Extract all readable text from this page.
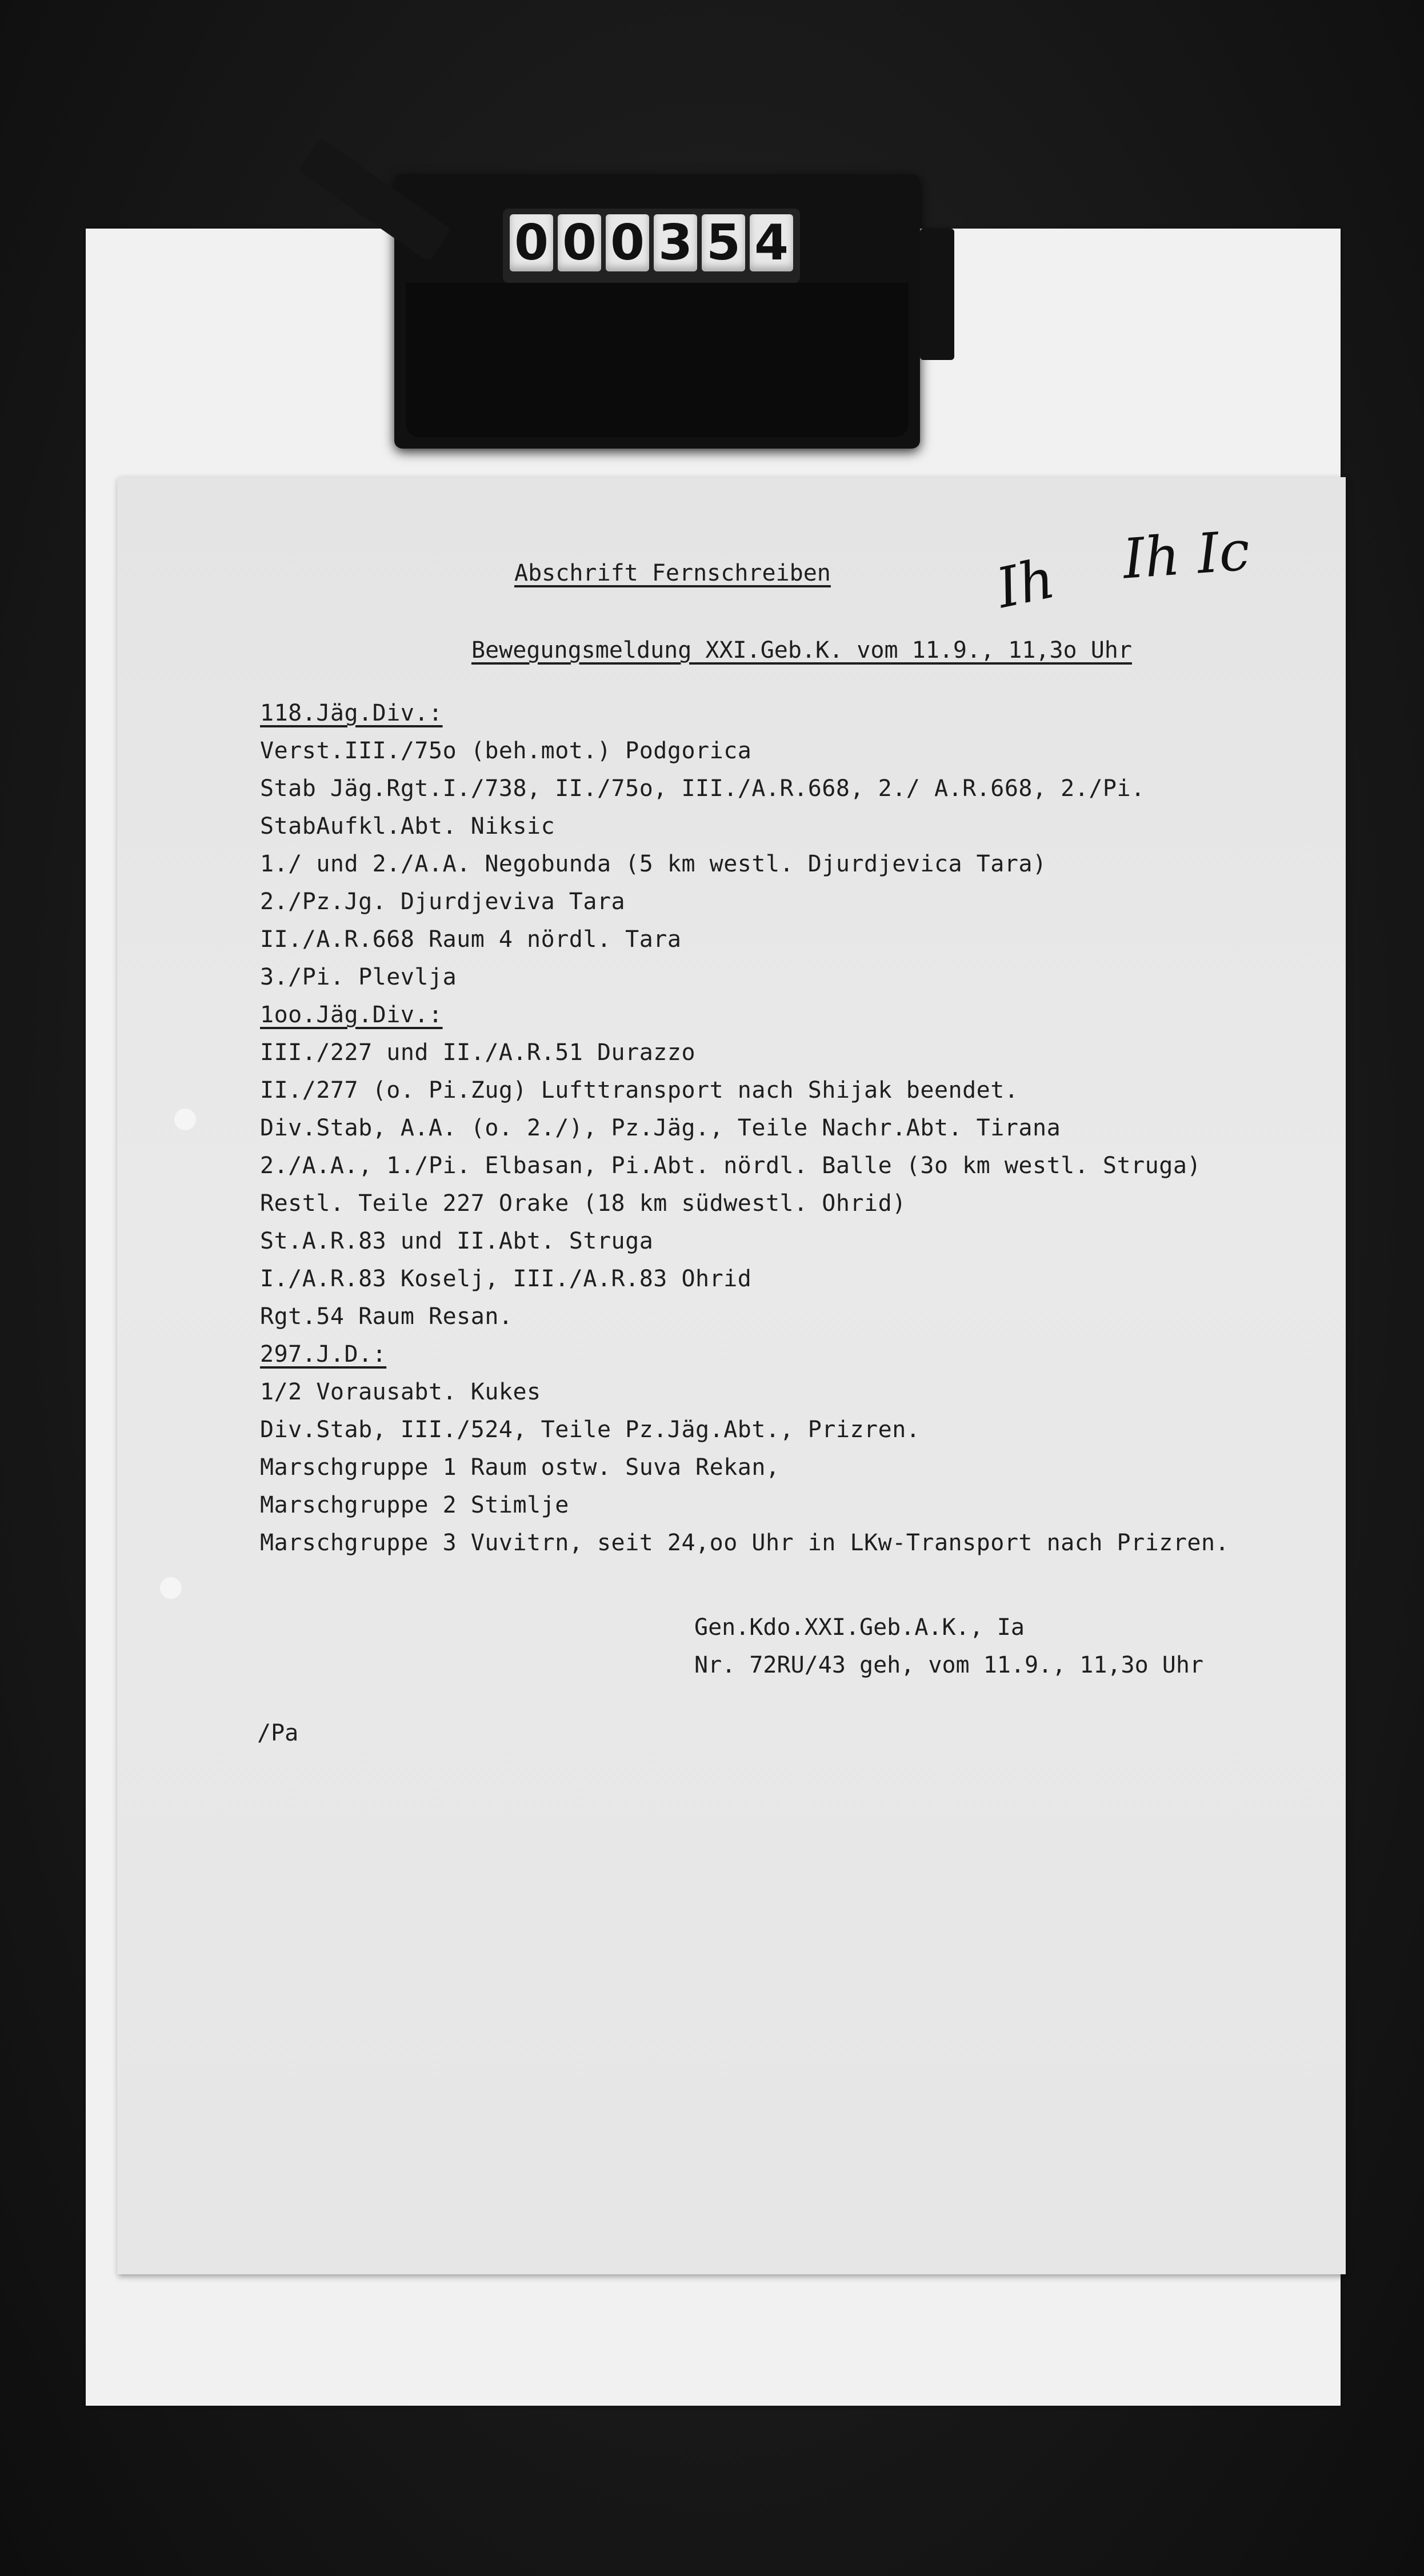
0 0 0 3 5 4
Abschrift Fernschreiben	Ih Ih Ic
Bewegungsmeldung XXI.Geb.K. vom 11.9., 11,3o Uhr
118.Jäg.Div.:
Verst.III./75o (beh.mot.) Podgorica
Stab Jäg.Rgt.I./738, II./75o, III./A.R.668, 2./ A.R.668, 2./Pi.
StabAufkl.Abt. Niksic
1./ und 2./A.A. Negobunda (5 km westl. Djurdjevica Tara)
2./Pz.Jg. Djurdjeviva Tara
II./A.R.668 Raum 4 nördl. Tara
3./Pi. Plevlja
1oo.Jäg.Div.:
III./227 und II./A.R.51 Durazzo
II./277 (o. Pi.Zug) Lufttransport nach Shijak beendet.
Div.Stab, A.A. (o. 2./), Pz.Jäg., Teile Nachr.Abt. Tirana
2./A.A., 1./Pi. Elbasan, Pi.Abt. nördl. Balle (3o km westl. Struga)
Restl. Teile 227 Orake (18 km südwestl. Ohrid)
St.A.R.83 und II.Abt. Struga
I./A.R.83 Koselj, III./A.R.83 Ohrid
Rgt.54 Raum Resan.
297.J.D.:
1/2 Vorausabt. Kukes
Div.Stab, III./524, Teile Pz.Jäg.Abt., Prizren.
Marschgruppe 1 Raum ostw. Suva Rekan,
Marschgruppe 2 Stimlje
Marschgruppe 3 Vuvitrn, seit 24,oo Uhr in LKw-Transport nach Prizren.
Gen.Kdo.XXI.Geb.A.K., Ia
Nr. 72RU/43 geh, vom 11.9., 11,3o Uhr
/Pa
